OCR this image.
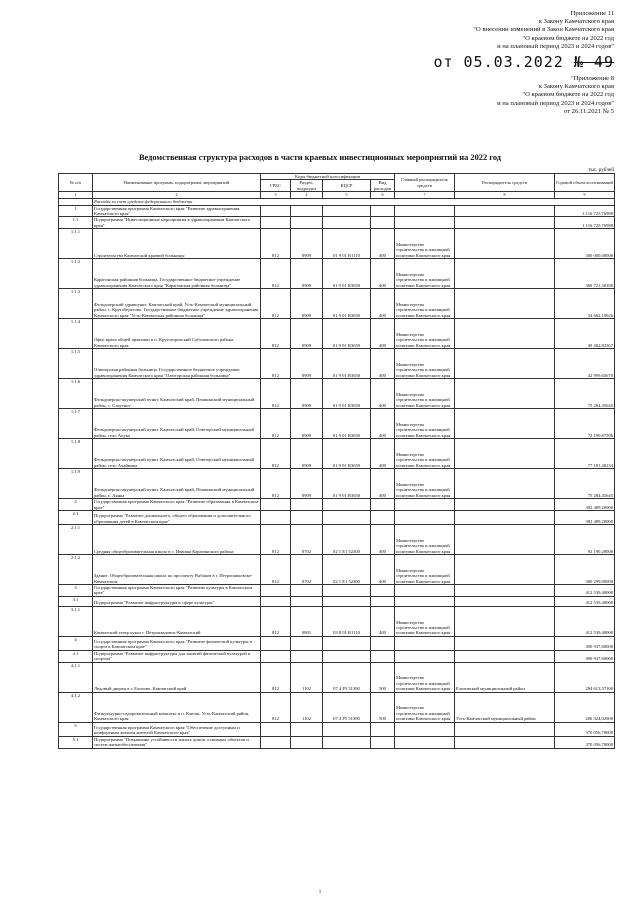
Приложение 11
к Закону Камчатского края
"О внесении изменений в Закон Камчатского края
"О краевом бюджете на 2022 год
и на плановый период 2023 и 2024 годов"
от 05.03.2022 № 49
"Приложение 8
к Закону Камчатского края
"О краевом бюджете на 2022 год
и на плановый период 2023 и 2024 годов"
от 26.11.2021 № 5
Ведомственная структура расходов в части краевых инвестиционных мероприятий на 2022 год
тыс. рублей
№ п/п	Наименование программ, подпрограмм, мероприятий	Коды бюджетной классификации				Главный распорядитель средств	Распорядитель средств	Годовой объем ассигнований
		ГРБС	Раздел, подраздел	КЦСР	Вид расходов			
1	2	3	4	5	6	7	8	9
	Расходы за счет средств федерального бюджета							
1	Государственная программа Камчатского края "Развитие здравоохранения Камчатского края"							1 116 725,76988
1.1	Подпрограмма "Инвестиционные мероприятия в здравоохранении Камчатского края"							1 116 725,76988
1.1.1	Строительство Камчатской краевой больницы	812	0909	01 9 01 R1110	400	Министерство строительства и жилищной политики Камчатского края		300 000,00000
1.1.2	Карагинская районная больница. Государственное бюджетное учреждение здравоохранения Камчатского края "Карагинская районная больница"	812	0909	01 9 01 R3650	400	Министерство строительства и жилищной политики Камчатского края		369 721,30180
1.1.3	Фельдшерский здравпункт. Камчатский край, Усть-Камчатский муниципальный район, с. Крутоберегово. Государственное бюджетное учреждение здравоохранения Камчатского края "Усть-Камчатская районная больница"	812	0909	01 9 01 R3650	400	Министерство строительства и жилищной политики Камчатского края		34 662,10626
1.1.4	Офис врача общей практики в п. Крутогоровский Соболевского района Камчатского края	812	0909	01 9 01 R3650	400	Министерство строительства и жилищной политики Камчатского края		49 402,82367
1.1.5	Олюторская районная больница. Государственное бюджетное учреждение здравоохранения Камчатского края "Олюторская районная больница"	812	0909	01 9 01 R3650	400	Министерство строительства и жилищной политики Камчатского края		42 999,65670
1.1.6	Фельдшерско-акушерский пункт. Камчатский край, Пенжинский муниципальный район, с. Слаутное	812	0909	01 9 01 R3650	400	Министерство строительства и жилищной политики Камчатского края		75 284,45645
1.1.7	Фельдшерско-акушерский пункт. Камчатский край, Олюторский муниципальный район, село Апука	812	0909	01 9 01 R3650	400	Министерство строительства и жилищной политики Камчатского края		72 190,87596
1.1.8	Фельдшерско-акушерский пункт. Камчатский край, Олюторский муниципальный район, село Ачайваям	812	0909	01 9 01 R3650	400	Министерство строительства и жилищной политики Камчатского края		77 181,40234
1.1.9	Фельдшерско-акушерский пункт. Камчатский край, Пенжинский муниципальный район, с. Аянка	812	0909	01 9 01 R3650	400	Министерство строительства и жилищной политики Камчатского края		75 284,45645
2	Государственная программа Камчатского края "Развитие образования в Камчатском крае"							392 489,20000
2.1	Подпрограмма "Развитие дошкольного, общего образования и дополнительного образования детей в Камчатском крае"							392 489,20000
2.1.1	Средняя общеобразовательная школа в с. Ивашка Карагинского района	812	0702	02 1 E1 52300	400	Министерство строительства и жилищной политики Камчатского края		92 190,20000
2.1.2	Здание. Общеобразовательная школа по проспекту Рыбаков в г. Петропавловске-Камчатском	812	0702	02 1 E1 52300	400	Министерство строительства и жилищной политики Камчатского края		300 299,00000
3	Государственная программа Камчатского края "Развитие культуры в Камчатском крае"							412 539,40000
3.1	Подпрограмма "Развитие инфраструктуры в сфере культуры"							412 539,40000
3.1.1	Камчатский театр кукол г. Петропавловск-Камчатский	812	0801	03 8 01 R1110	400	Министерство строительства и жилищной политики Камчатского края		412 539,40000
4	Государственная программа Камчатского края "Развитие физической культуры и спорта в Камчатском крае"							490 937,60000
4.1	Подпрограмма "Развитие инфраструктуры для занятий физической культурой и спортом"							490 937,60000
4.1.1	Ледовый дворец в г. Елизово, Камчатский край	812	1102	07 4 P5 51390	500	Министерство строительства и жилищной политики Камчатского края	Елизовский муниципальный район	284 613,57100
4.1.2	Физкультурно-оздоровительный комплекс в п. Ключи, Усть-Камчатский район, Камчатского края	812	1102	07 4 P5 51390	500	Министерство строительства и жилищной политики Камчатского края	Усть-Камчатский муниципальный район	206 324,02900
5	Государственная программа Камчатского края "Обеспечение доступным и комфортным жильем жителей Камчатского края"							370 056,70000
5.1	Подпрограмма "Повышение устойчивости жилых домов, основных объектов и систем жизнеобеспечения"							370 056,70000
1
